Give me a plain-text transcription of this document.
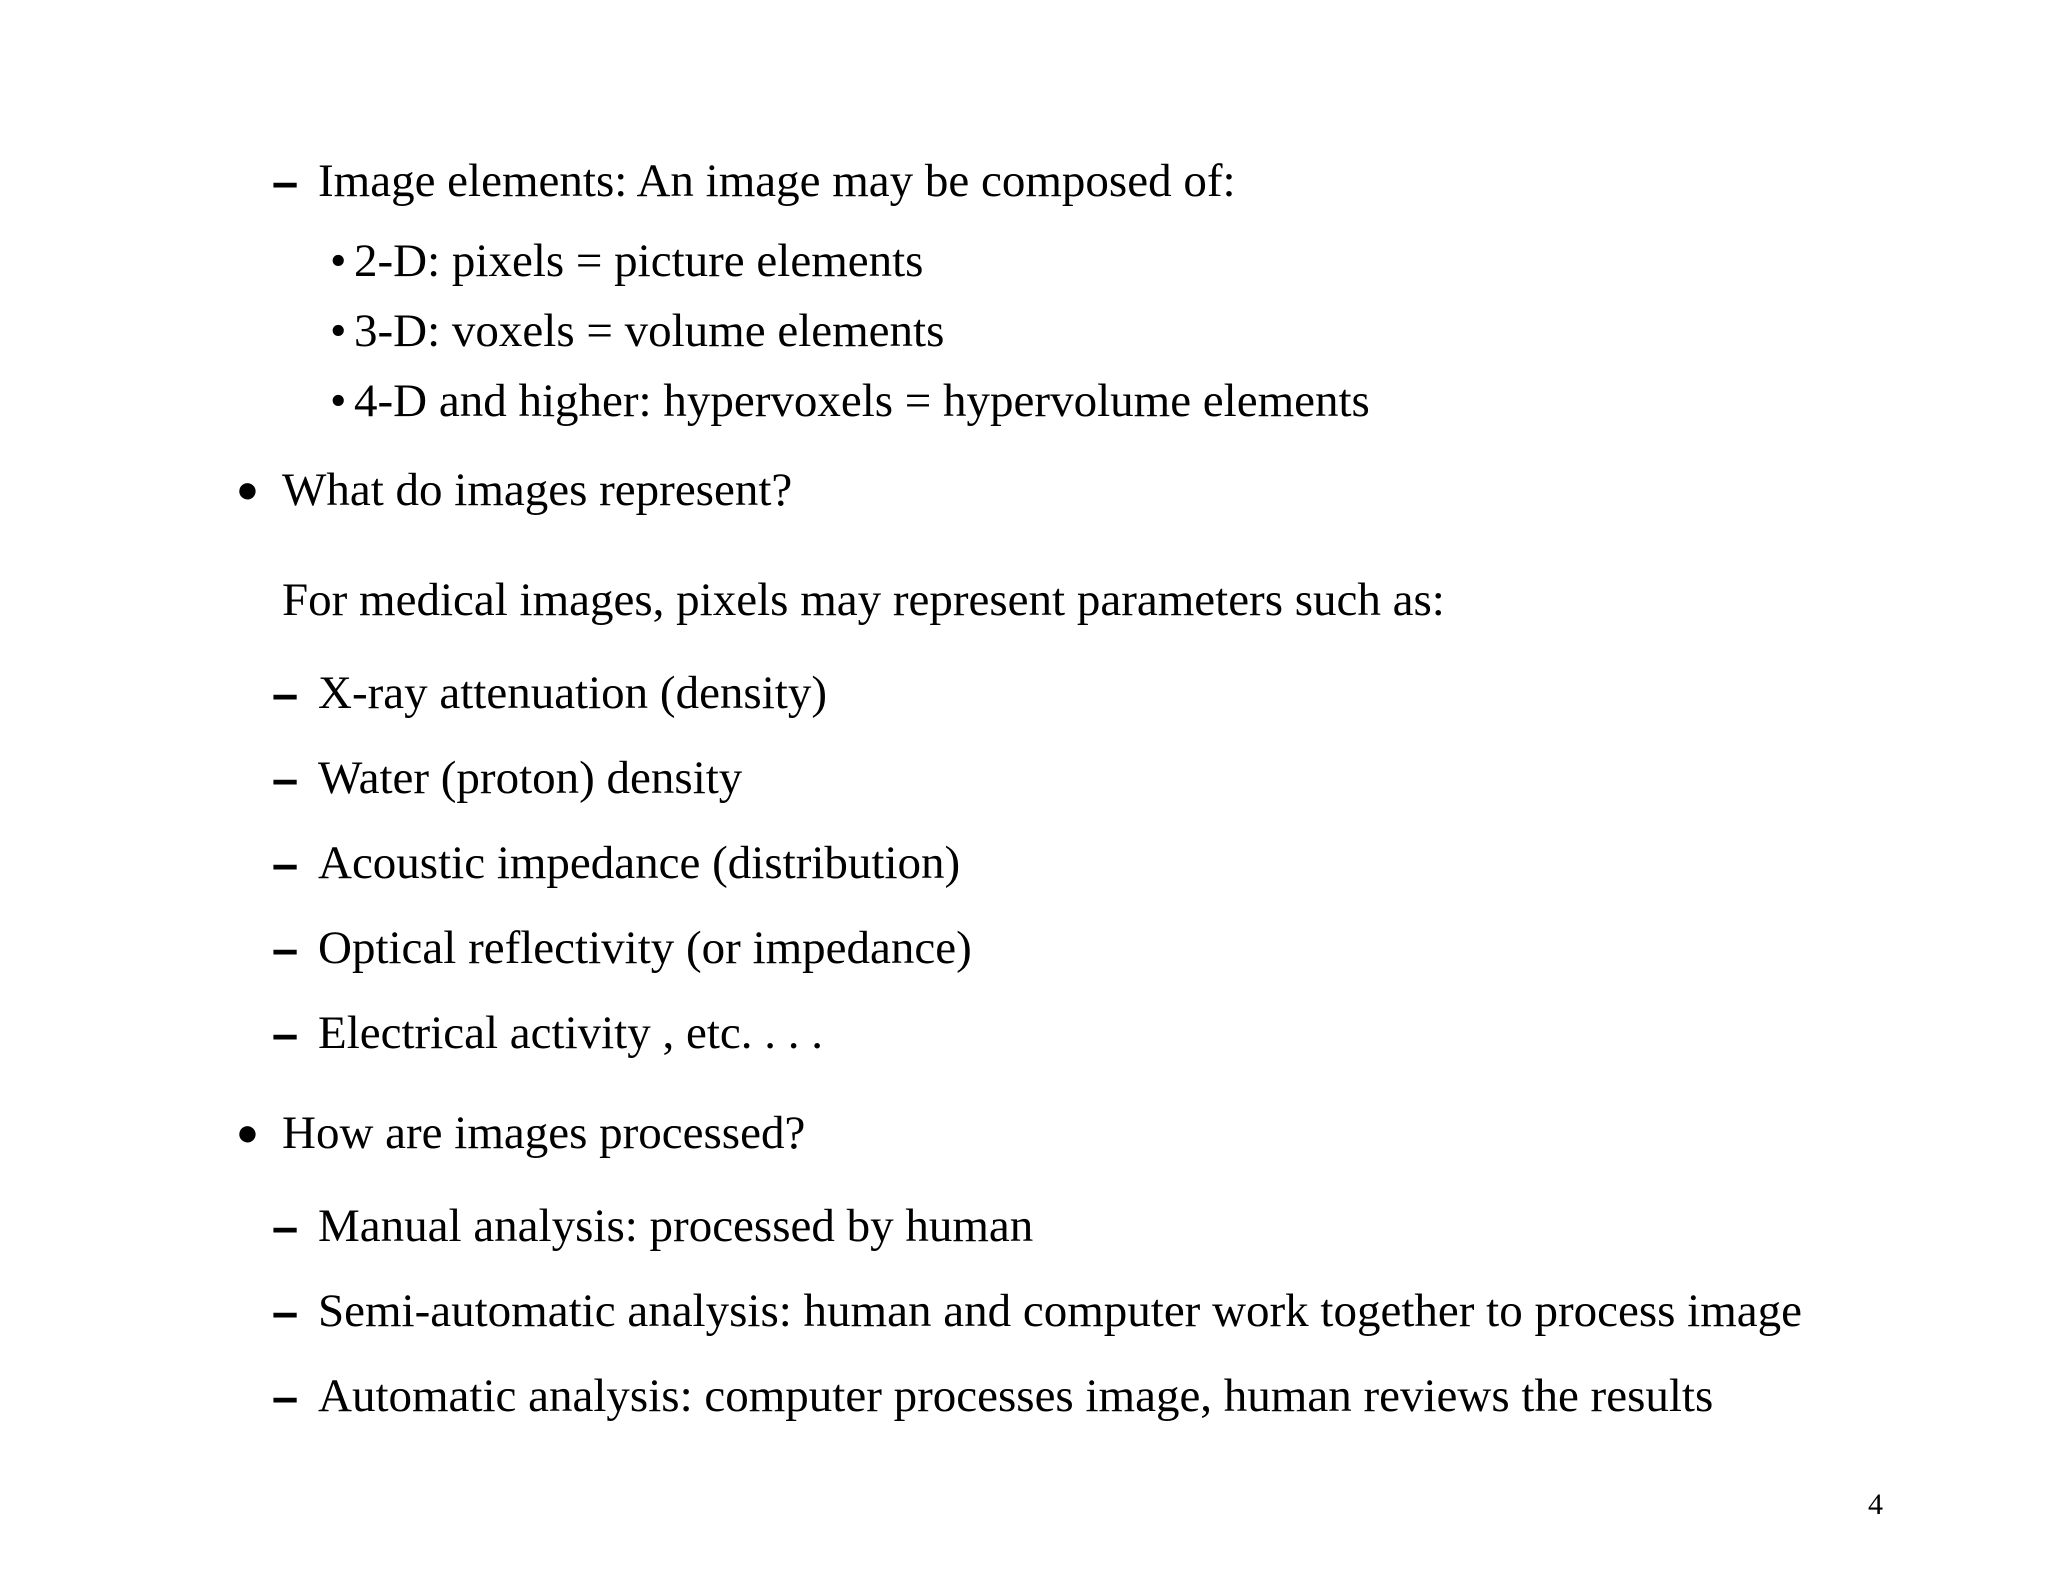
– Image elements: An image may be composed of:
• 2-D: pixels = picture elements
• 3-D: voxels = volume elements
• 4-D and higher: hypervoxels = hypervolume elements
● What do images represent?
For medical images, pixels may represent parameters such as:
– X-ray attenuation (density)
– Water (proton) density
– Acoustic impedance (distribution)
– Optical reflectivity (or impedance)
– Electrical activity , etc. . . .
● How are images processed?
– Manual analysis: processed by human
– Semi-automatic analysis: human and computer work together to process image
– Automatic analysis: computer processes image, human reviews the results
4
